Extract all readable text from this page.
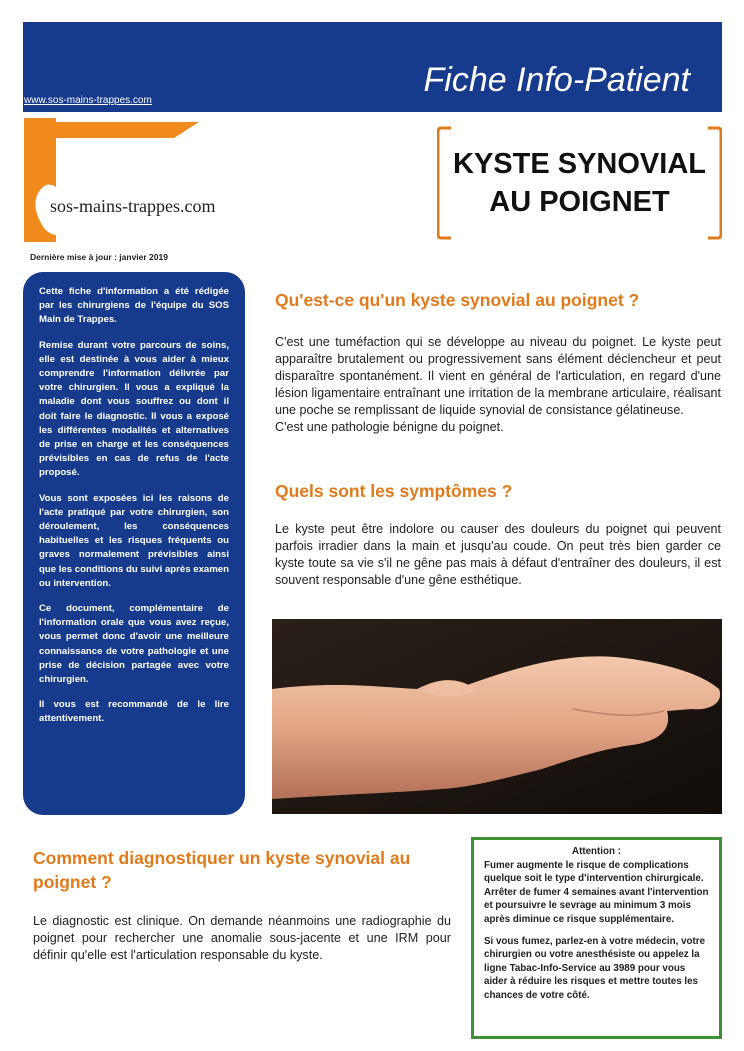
Fiche Info-Patient
www.sos-mains-trappes.com
sos-mains-trappes.com
KYSTE SYNOVIAL
AU POIGNET
Dernière mise à jour : janvier 2019

Cette fiche d'information a été rédigée par les chirurgiens de l'équipe du SOS Main de Trappes.

Remise durant votre parcours de soins, elle est destinée à vous aider à mieux comprendre l'information délivrée par votre chirurgien. Il vous a expliqué la maladie dont vous souffrez ou dont il doit faire le diagnostic. Il vous a exposé les différentes modalités et alternatives de prise en charge et les conséquences prévisibles en cas de refus de l'acte proposé.

Vous sont exposées ici les raisons de l'acte pratiqué par votre chirurgien, son déroulement, les conséquences habituelles et les risques fréquents ou graves normalement prévisibles ainsi que les conditions du suivi après examen ou intervention.

Ce document, complémentaire de l'information orale que vous avez reçue, vous permet donc d'avoir une meilleure connaissance de votre pathologie et une prise de décision partagée avec votre chirurgien.

Il vous est recommandé de le lire attentivement.

Qu'est-ce qu'un kyste synovial au poignet ?

C'est une tuméfaction qui se développe au niveau du poignet. Le kyste peut apparaître brutalement ou progressivement sans élément déclencheur et peut disparaître spontanément. Il vient en général de l'articulation, en regard d'une lésion ligamentaire entraînant une irritation de la membrane articulaire, réalisant une poche se remplissant de liquide synovial de consistance gélatineuse.

C'est une pathologie bénigne du poignet.

Quels sont les symptômes ?

Le kyste peut être indolore ou causer des douleurs du poignet qui peuvent parfois irradier dans la main et jusqu'au coude. On peut très bien garder ce kyste toute sa vie s'il ne gêne pas mais à défaut d'entraîner des douleurs, il est souvent responsable d'une gêne esthétique.

Comment diagnostiquer un kyste synovial au poignet ?

Le diagnostic est clinique. On demande néanmoins une radiographie du poignet pour rechercher une anomalie sous-jacente et une IRM pour définir qu'elle est l'articulation responsable du kyste.

Attention :

Fumer augmente le risque de complications quelque soit le type d'intervention chirurgicale. Arrêter de fumer 4 semaines avant l'intervention et poursuivre le sevrage au minimum 3 mois après diminue ce risque supplémentaire.

Si vous fumez, parlez-en à votre médecin, votre chirurgien ou votre anesthésiste ou appelez la ligne Tabac-Info-Service au 3989 pour vous aider à réduire les risques et mettre toutes les chances de votre côté.
